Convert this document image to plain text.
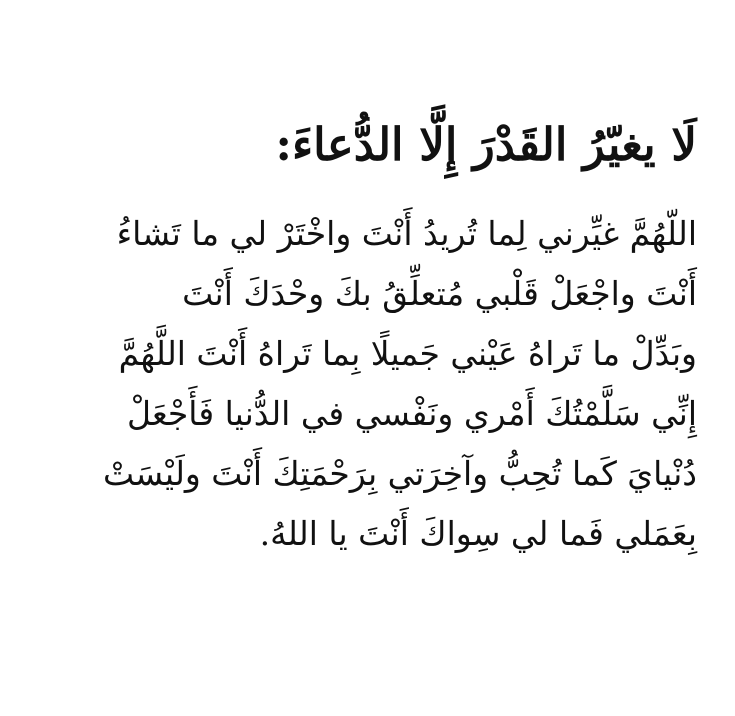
لَا يغيّرُ القَدْرَ إِلَّا الدُّعاءَ:
اللّهُمَّ غيِّرني لِما تُريدُ أَنْتَ واخْتَرْ لي ما تَشاءُ
أَنْتَ واجْعَلْ قَلْبي مُتعلِّقُ بكَ وحْدَكَ أَنْتَ
وبَدِّلْ ما تَراهُ عَيْني جَميلًا بِما تَراهُ أَنْتَ اللَّهُمَّ
إِنِّي سَلَّمْتُكَ أَمْري ونَفْسي في الدُّنيا فَأَجْعَلْ
دُنْيايَ كَما تُحِبُّ وآخِرَتي بِرَحْمَتِكَ أَنْتَ ولَيْسَتْ
بِعَمَلي فَما لي سِواكَ أَنْتَ يا اللهُ.
